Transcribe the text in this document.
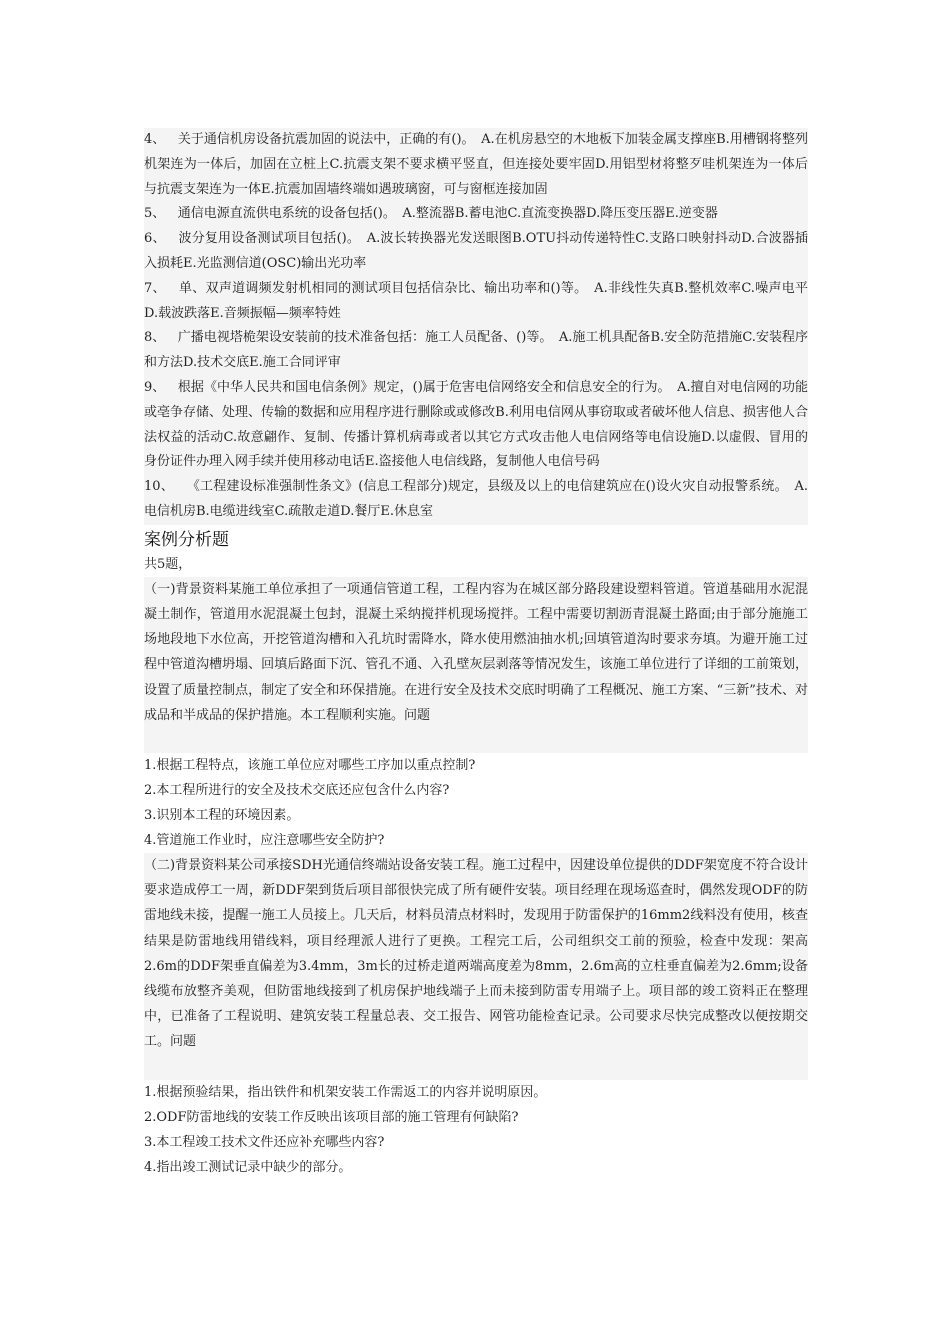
4、 关于通信机房设备抗震加固的说法中，正确的有()。　A.在机房悬空的木地板下加装金属支撑座B.用槽钢将整列机架连为一体后，加固在立桩上C.抗震支架不要求横平竖直，但连接处要牢固D.用铝型材将整歹哇机架连为一体后与抗震支架连为一体E.抗震加固墙终端如遇玻璃窗，可与窗框连接加固

5、 通信电源直流供电系统的设备包括()。　A.整流器B.蓄电池C.直流变换器D.降压变压器E.逆变器

6、 波分复用设备测试项目包括()。　A.波长转换器光发送眼图B.OTU抖动传递特性C.支路口映射抖动D.合波器插入损耗E.光监测信道(OSC)输出光功率

7、 单、双声道调频发射机相同的测试项目包括信杂比、输出功率和()等。　A.非线性失真B.整机效率C.噪声电平D.载波跌落E.音频振幅—频率特姓

8、 广播电视塔桅架设安装前的技术准备包括：施工人员配备、()等。　A.施工机具配备B.安全防范措施C.安装程序和方法D.技术交底E.施工合同评审

9、 根据《中华人民共和国电信条例》规定，()属于危害电信网络安全和信息安全的行为。　A.擅自对电信网的功能或亳争存储、处理、传输的数据和应用程序进行删除或或修改B.利用电信网从事窃取或者破坏他人信息、损害他人合法权益的活动C.故意翩作、复制、传播计算机病毒或者以其它方式攻击他人电信网络等电信设施D.以虚假、冒用的身份证件办理入网手续并使用移动电话E.盗接他人电信线路，复制他人电信号码

10、 《工程建设标准强制性条文》(信息工程部分)规定，县级及以上的电信建筑应在()设火灾自动报警系统。　A.电信机房B.电缆进线室C.疏散走道D.餐厅E.休息室

案例分析题
共5题，

（一)背景资料某施工单位承担了一项通信管道工程，工程内容为在城区部分路段建设塑料管道。管道基础用水泥混凝土制作，管道用水泥混凝土包封，混凝土采纳搅拌机现场搅拌。工程中需要切割沥青混凝土路面;由于部分施施工场地段地下水位高，开挖管道沟槽和入孔坑时需降水，降水使用燃油抽水机;回填管道沟时要求夯填。为避开施工过程中管道沟槽坍塌、回填后路面下沉、管孔不通、入孔壁灰层剥落等情况发生，该施工单位进行了详细的工前策划，设置了质量控制点，制定了安全和环保措施。在进行安全及技术交底时明确了工程概况、施工方案、“三新”技术、对成品和半成品的保护措施。本工程顺利实施。问题

1.根据工程特点，该施工单位应对哪些工序加以重点控制?

2.本工程所进行的安全及技术交底还应包含什么内容?

3.识别本工程的环境因素。

4.管道施工作业时，应注意哪些安全防护?

（二)背景资料某公司承接SDH光通信终端站设备安装工程。施工过程中，因建设单位提供的DDF架宽度不符合设计要求造成停工一周，新DDF架到货后项目部很快完成了所有硬件安装。项目经理在现场巡查时，偶然发现ODF的防雷地线未接，提醒一施工人员接上。几天后，材料员清点材料时，发现用于防雷保护的16mm2线料没有使用，核查结果是防雷地线用错线料，项目经理派人进行了更换。工程完工后，公司组织交工前的预验，检查中发现：架高2.6m的DDF架垂直偏差为3.4mm，3m长的过桥走道两端高度差为8mm，2.6m高的立柱垂直偏差为2.6mm;设备线缆布放整齐美观，但防雷地线接到了机房保护地线端子上而未接到防雷专用端子上。项目部的竣工资料正在整理中，已准备了工程说明、建筑安装工程量总表、交工报告、网管功能检查记录。公司要求尽快完成整改以便按期交工。问题

1.根据预验结果，指出铁件和机架安装工作需返工的内容并说明原因。

2.ODF防雷地线的安装工作反映出该项目部的施工管理有何缺陷?

3.本工程竣工技术文件还应补充哪些内容?

4.指出竣工测试记录中缺少的部分。
